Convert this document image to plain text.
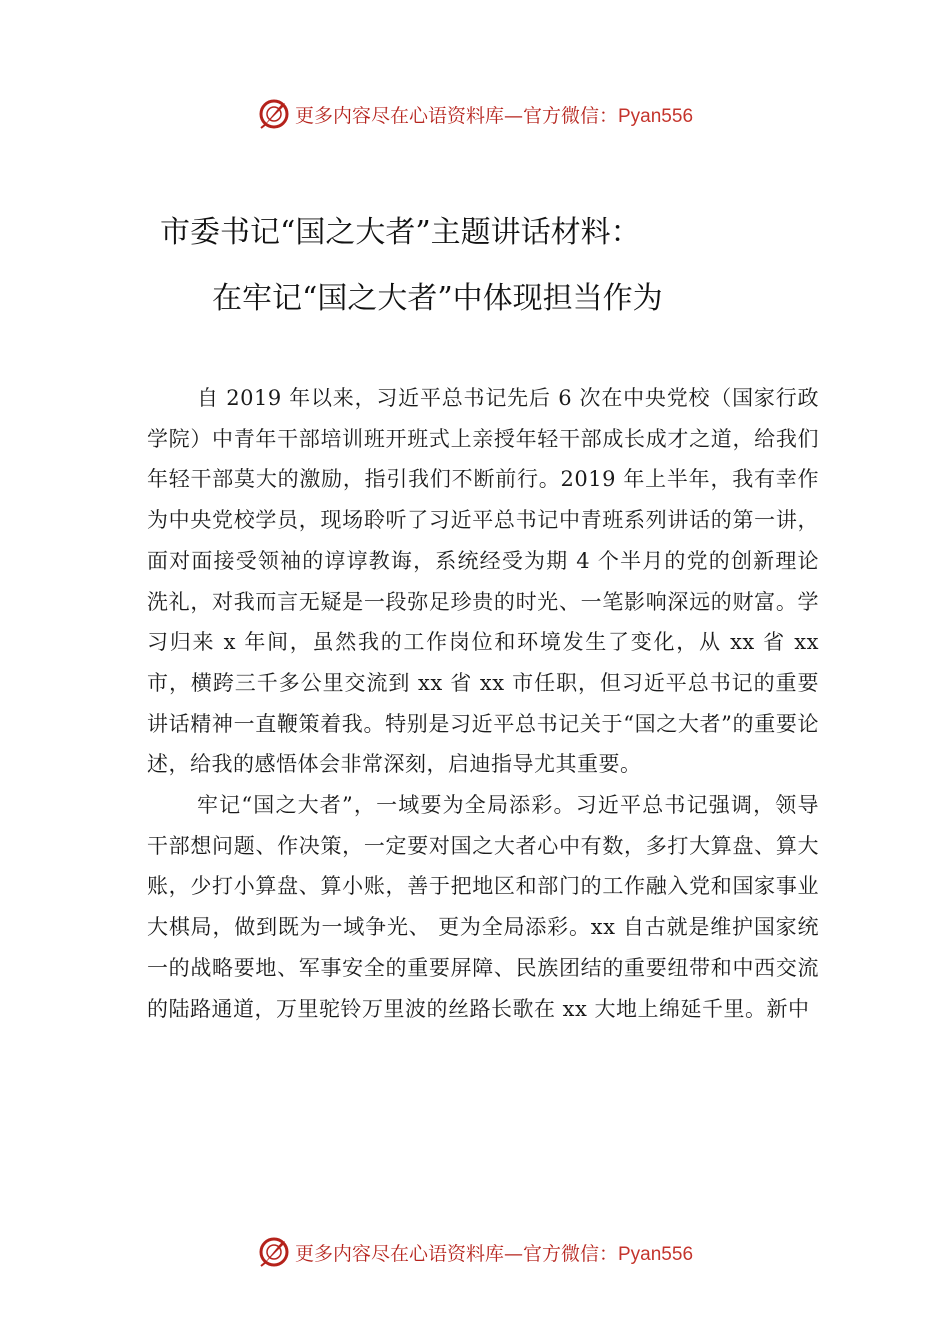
更多内容尽在心语资料库—官方微信：Pyan556
市委书记“国之大者”主题讲话材料：
在牢记“国之大者”中体现担当作为

自 2019 年以来，习近平总书记先后 6 次在中央党校（国家行政学院）中青年干部培训班开班式上亲授年轻干部成长成才之道，给我们年轻干部莫大的激励，指引我们不断前行。2019 年上半年，我有幸作为中央党校学员，现场聆听了习近平总书记中青班系列讲话的第一讲，面对面接受领袖的谆谆教诲，系统经受为期 4 个半月的党的创新理论洗礼，对我而言无疑是一段弥足珍贵的时光、一笔影响深远的财富。学习归来 x 年间，虽然我的工作岗位和环境发生了变化，从 xx 省 xx 市，横跨三千多公里交流到 xx 省 xx 市任职，但习近平总书记的重要讲话精神一直鞭策着我。特别是习近平总书记关于“国之大者”的重要论述，给我的感悟体会非常深刻，启迪指导尤其重要。

牢记“国之大者”，一域要为全局添彩。习近平总书记强调，领导干部想问题、作决策，一定要对国之大者心中有数，多打大算盘、算大账，少打小算盘、算小账，善于把地区和部门的工作融入党和国家事业大棋局，做到既为一域争光、 更为全局添彩。xx 自古就是维护国家统一的战略要地、军事安全的重要屏障、民族团结的重要纽带和中西交流的陆路通道，万里驼铃万里波的丝路长歌在 xx 大地上绵延千里。新中

更多内容尽在心语资料库—官方微信：Pyan556
